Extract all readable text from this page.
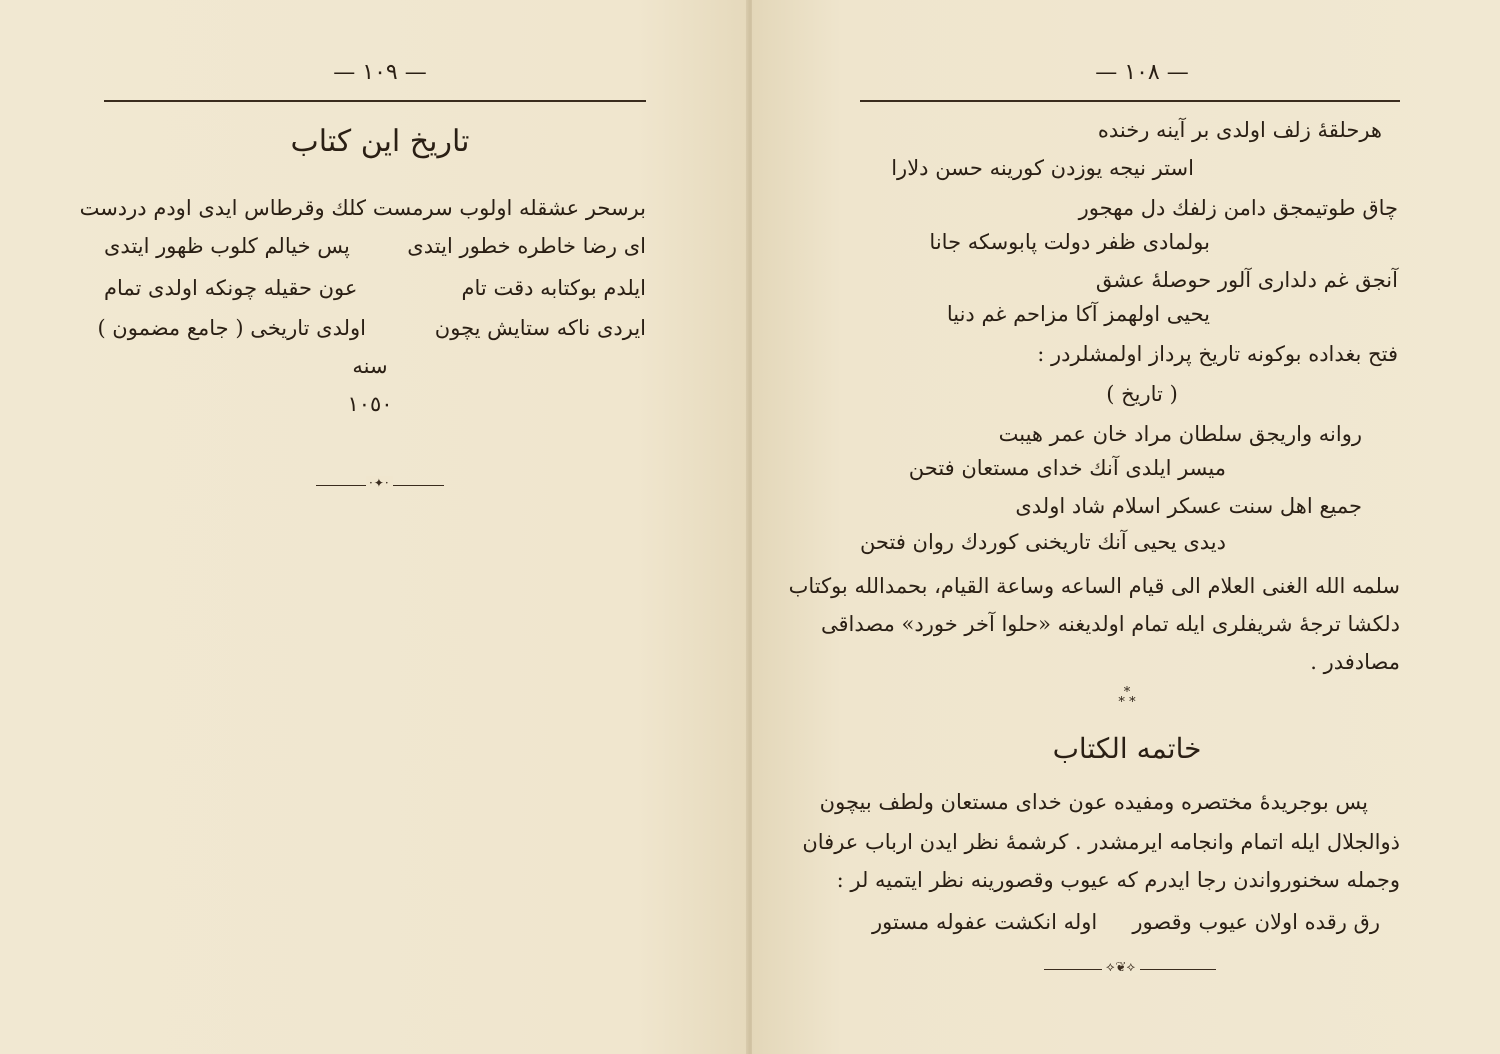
— ١٠٩ —
تاريخ اين كتاب
برسحر عشقله اولوب سرمست
كلك وقرطاس ايدى اودم دردست
اى رضا خاطره خطور ايتدى
پس خيالم كلوب ظهور ايتدى
ايلدم بوكتابه دقت تام
عون حقيله چونكه اولدى تمام
ايردى ناكه ستايش يچون
اولدى تاريخى ( جامع مضمون )
سنه
١٠٥٠
·✦·
— ١٠٨ —
هرحلقهٔ زلف اولدى بر آينه رخنده
استر نيجه يوزدن كورينه حسن دلارا
چاق طوتيمجق دامن زلفك دل مهجور
بولمادى ظفر دولت پابوسكه جانا
آنجق غم دلدارى آلور حوصلهٔ عشق
يحيى اولهمز آكا مزاحم غم دنيا
فتح بغداده بوكونه تاريخ پرداز اولمشلردر :
( تاريخ )
روانه واريجق سلطان مراد خان عمر هيبت
ميسر ايلدى آنك خداى مستعان فتحن
جميع اهل سنت عسكر اسلام شاد اولدى
ديدى يحيى آنك تاريخنى كوردك روان فتحن
سلمه الله الغنى العلام الى قيام الساعه وساعة القيام، بحمدالله بوكتاب
دلكشا ترجهٔ شريفلرى ايله تمام اولديغنه «حلوا آخر خورد» مصداقى
مصادفدر .
*
* *
خاتمه الكتاب
پس بوجريدهٔ مختصره ومفيده عون خداى مستعان ولطف بيچون
ذوالجلال ايله اتمام وانجامه ايرمشدر . كرشمهٔ نظر ايدن ارباب عرفان
وجمله سخنورواندن رجا ايدرم كه عيوب وقصورينه نظر ايتميه لر :
رق رقده اولان عيوب وقصور
اوله انكشت عفوله مستور
⟡❦⟡
